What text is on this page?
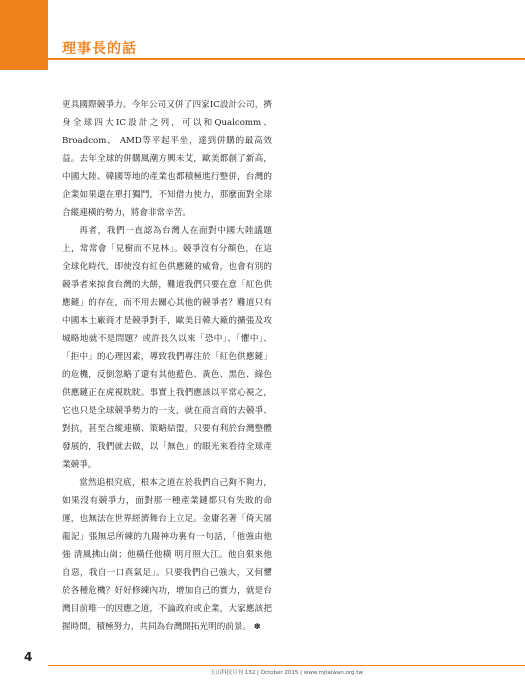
理事長的話

更具國際競爭力。今年公司又併了四家IC設計公司，擠身全球四大IC設計之列，可以和Qualcomm、Broadcom、 AMD等平起平坐，達到併購的最高效益。去年全球的併購風潮方興未艾，歐美都創了新高，中國大陸、韓國等地的產業也都積極進行整併，台灣的企業如果還在單打獨鬥，不知借力使力，那麼面對全球合縱連橫的勢力，將會非常辛苦。

再者，我們一直認為台灣人在面對中國大陸議題上，常常會「見樹而不見林」。競爭沒有分顏色，在這全球化時代，即使沒有紅色供應鏈的威脅，也會有別的競爭者來掠食台灣的大餅，難道我們只要在意「紅色供應鏈」的存在，而不用去關心其他的競爭者？難道只有中國本土廠商才是競爭對手，歐美日韓大廠的擴張及攻城略地就不是問題？或許長久以來「恐中」、「懼中」、「拒中」的心理因素，導致我們專注於「紅色供應鏈」的危機，反倒忽略了還有其他藍色、黃色、黑色、綠色供應鏈正在虎視眈眈。事實上我們應該以平常心視之，它也只是全球競爭勢力的一支，就在商言商的去競爭、對抗，甚至合縱連橫、策略結盟，只要有利於台灣整體發展的，我們就去做，以「無色」的眼光來看待全球產業競爭。

當然追根究底，根本之道在於我們自己夠不夠力，如果沒有競爭力，面對那一種產業鏈都只有失敗的命運，也無法在世界經濟舞台上立足。金庸名著「倚天屠龍記」張無忌所練的九陽神功裏有一句話，「他強由他強 清風拂山崗；他橫任他橫 明月照大江。他自狠來他自惡，我自一口真氣足」。只要我們自己強大，又何懼於各種危機？好好修練內功，增加自己的實力，就是台灣目前唯一的因應之道，不論政府或企業，大家應該把握時間，積極努力，共同為台灣開拓光明的前景。 ✽

4
玉山科技月刊 132 | October 2015 | www.mjtaiwan.org.tw
